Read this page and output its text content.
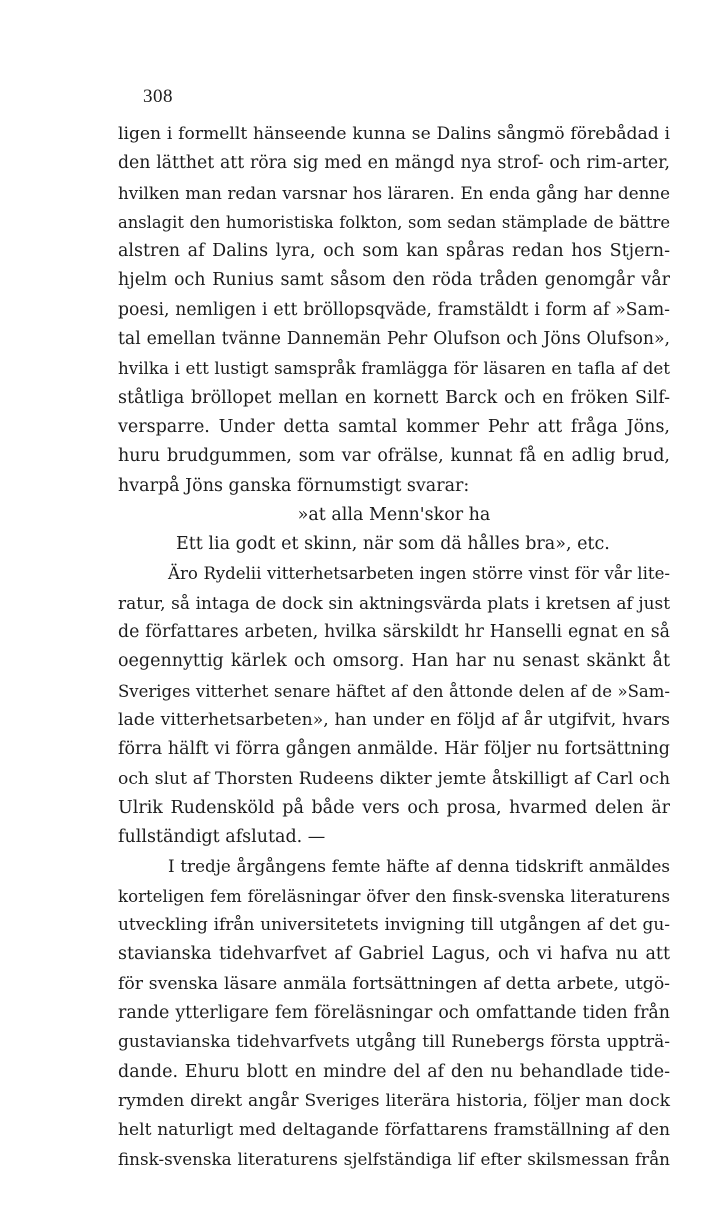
308
ligen i formellt hänseende kunna se Dalins sångmö förebådad i
den lätthet att röra sig med en mängd nya strof- och rim-arter,
hvilken man redan varsnar hos läraren. En enda gång har denne
anslagit den humoristiska folkton, som sedan stämplade de bättre
alstren af Dalins lyra, och som kan spåras redan hos Stjern-
hjelm och Runius samt såsom den röda tråden genomgår vår
poesi, nemligen i ett bröllopsqväde, framstäldt i form af »Sam-
tal emellan tvänne Dannemän Pehr Olufson och Jöns Olufson»,
hvilka i ett lustigt samspråk framlägga för läsaren en tafla af det
ståtliga bröllopet mellan en kornett Barck och en fröken Silf-
versparre. Under detta samtal kommer Pehr att fråga Jöns,
huru brudgummen, som var ofrälse, kunnat få en adlig brud,
hvarpå Jöns ganska förnumstigt svarar:
»at alla Menn'skor ha
Ett lia godt et skinn, när som dä hålles bra», etc.
Äro Rydelii vitterhetsarbeten ingen större vinst för vår lite-
ratur, så intaga de dock sin aktningsvärda plats i kretsen af just
de författares arbeten, hvilka särskildt hr Hanselli egnat en så
oegennyttig kärlek och omsorg. Han har nu senast skänkt åt
Sveriges vitterhet senare häftet af den åttonde delen af de »Sam-
lade vitterhetsarbeten», han under en följd af år utgifvit, hvars
förra hälft vi förra gången anmälde. Här följer nu fortsättning
och slut af Thorsten Rudeens dikter jemte åtskilligt af Carl och
Ulrik Rudensköld på både vers och prosa, hvarmed delen är
fullständigt afslutad. —
I tredje årgångens femte häfte af denna tidskrift anmäldes
korteligen fem föreläsningar öfver den finsk-svenska literaturens
utveckling ifrån universitetets invigning till utgången af det gu-
stavianska tidehvarfvet af Gabriel Lagus, och vi hafva nu att
för svenska läsare anmäla fortsättningen af detta arbete, utgö-
rande ytterligare fem föreläsningar och omfattande tiden från
gustavianska tidehvarfvets utgång till Runebergs första uppträ-
dande. Ehuru blott en mindre del af den nu behandlade tide-
rymden direkt angår Sveriges literära historia, följer man dock
helt naturligt med deltagande författarens framställning af den
finsk-svenska literaturens sjelfständiga lif efter skilsmessan från
